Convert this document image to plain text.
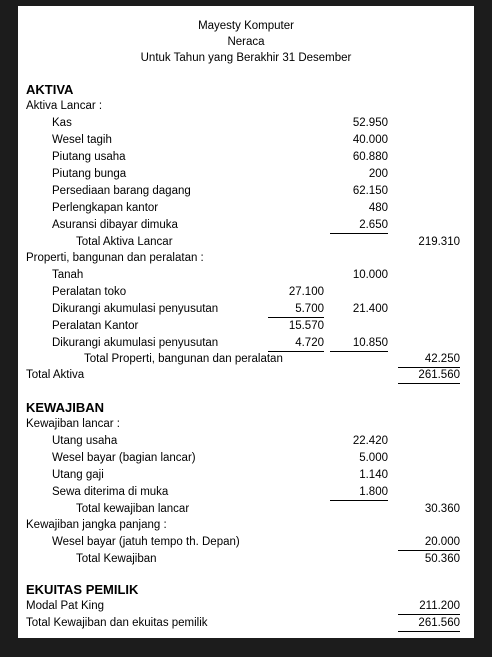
Mayesty Komputer
Neraca
Untuk Tahun yang Berakhir 31 Desember
AKTIVA
Aktiva Lancar :
Kas	52.950
Wesel tagih	40.000
Piutang usaha	60.880
Piutang bunga	200
Persediaan barang dagang	62.150
Perlengkapan kantor	480
Asuransi dibayar dimuka	2.650
Total Aktiva Lancar	219.310
Properti, bangunan dan peralatan :
Tanah	10.000
Peralatan toko	27.100
Dikurangi akumulasi penyusutan	5.700	21.400
Peralatan Kantor	15.570
Dikurangi akumulasi penyusutan	4.720	10.850
Total Properti, bangunan dan peralatan	42.250
Total Aktiva	261.560
KEWAJIBAN
Kewajiban lancar :
Utang usaha	22.420
Wesel bayar (bagian lancar)	5.000
Utang gaji	1.140
Sewa diterima di muka	1.800
Total kewajiban lancar	30.360
Kewajiban jangka panjang :
Wesel bayar (jatuh tempo th. Depan)	20.000
Total Kewajiban	50.360
EKUITAS PEMILIK
Modal Pat King	211.200
Total Kewajiban dan ekuitas pemilik	261.560
